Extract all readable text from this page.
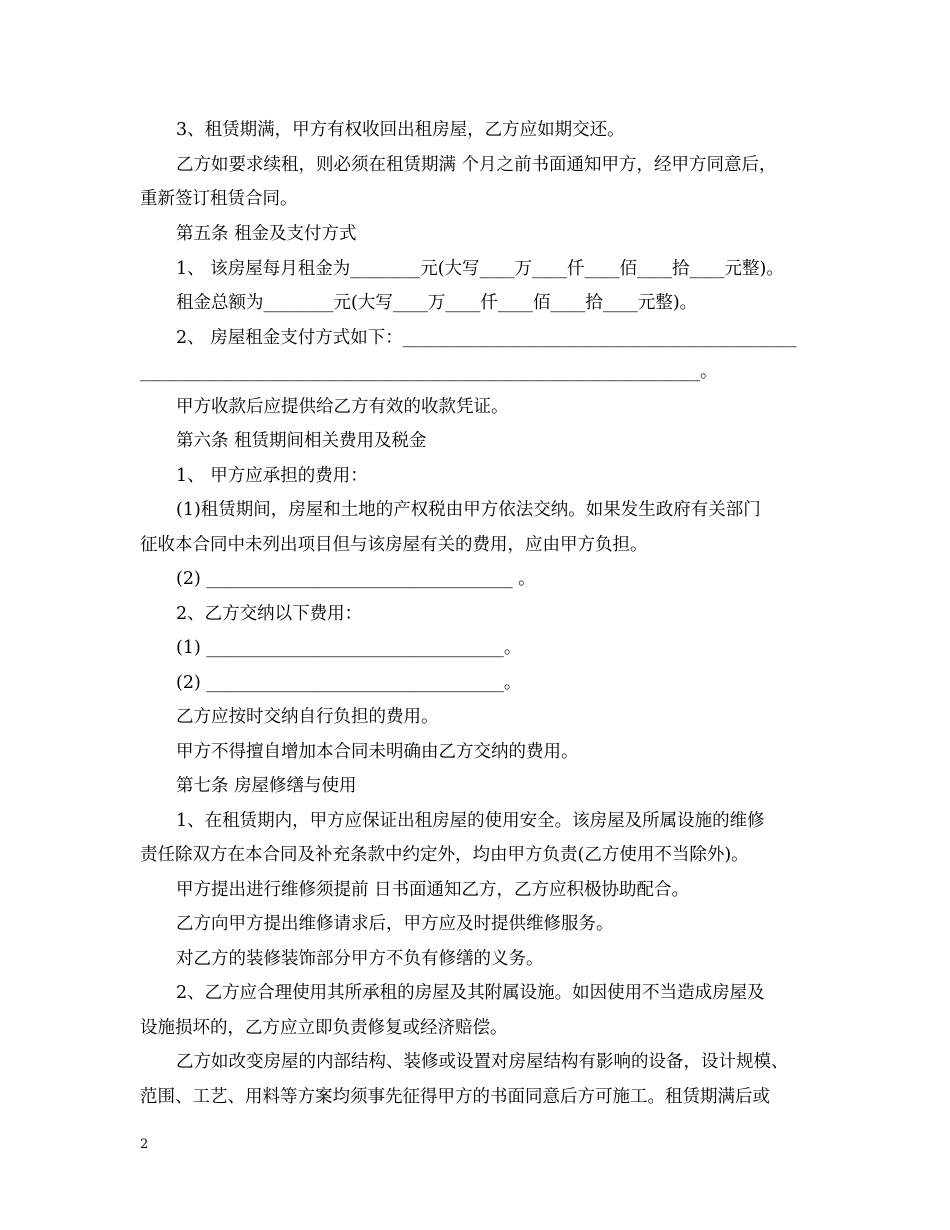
3、租赁期满，甲方有权收回出租房屋，乙方应如期交还。
乙方如要求续租，则必须在租赁期满 个月之前书面通知甲方，经甲方同意后，
重新签订租赁合同。
第五条 租金及支付方式
1、 该房屋每月租金为________元(大写____万____仟____佰____拾____元整)。
租金总额为________元(大写____万____仟____佰____拾____元整)。
2、 房屋租金支付方式如下：_____________________________________________
________________________________________________________________。
甲方收款后应提供给乙方有效的收款凭证。
第六条 租赁期间相关费用及税金
1、 甲方应承担的费用：
(1)租赁期间，房屋和土地的产权税由甲方依法交纳。如果发生政府有关部门
征收本合同中未列出项目但与该房屋有关的费用，应由甲方负担。
(2) ___________________________________ 。
2、乙方交纳以下费用：
(1) __________________________________。
(2) __________________________________。
乙方应按时交纳自行负担的费用。
甲方不得擅自增加本合同未明确由乙方交纳的费用。
第七条 房屋修缮与使用
1、在租赁期内，甲方应保证出租房屋的使用安全。该房屋及所属设施的维修
责任除双方在本合同及补充条款中约定外，均由甲方负责(乙方使用不当除外)。
甲方提出进行维修须提前 日书面通知乙方，乙方应积极协助配合。
乙方向甲方提出维修请求后，甲方应及时提供维修服务。
对乙方的装修装饰部分甲方不负有修缮的义务。
2、乙方应合理使用其所承租的房屋及其附属设施。如因使用不当造成房屋及
设施损坏的，乙方应立即负责修复或经济赔偿。
乙方如改变房屋的内部结构、装修或设置对房屋结构有影响的设备，设计规模、
范围、工艺、用料等方案均须事先征得甲方的书面同意后方可施工。租赁期满后或
2
